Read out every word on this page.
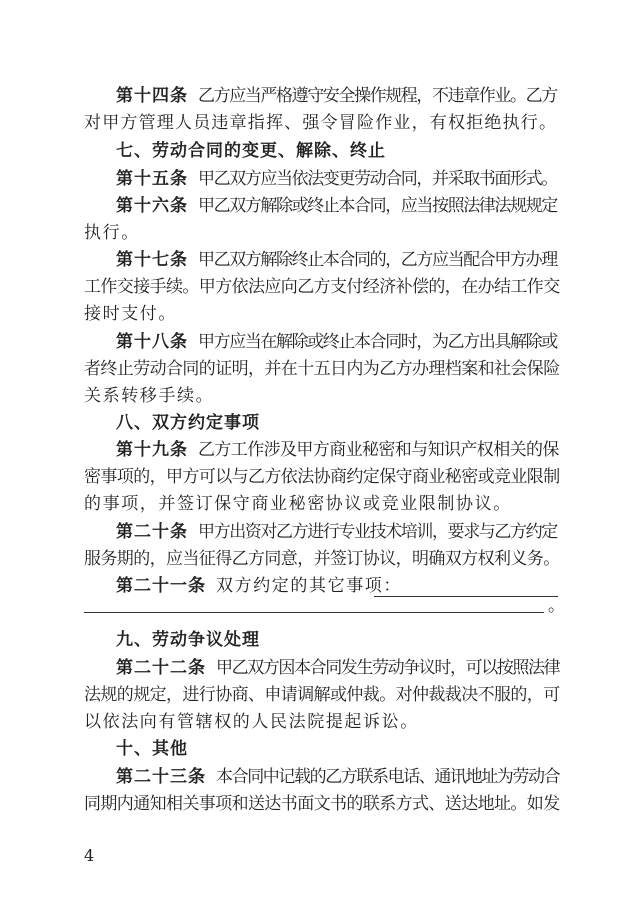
第十四条 乙方应当严格遵守安全操作规程，不违章作业。乙方
对甲方管理人员违章指挥、强令冒险作业，有权拒绝执行。
七、劳动合同的变更、解除、终止
第十五条 甲乙双方应当依法变更劳动合同，并采取书面形式。
第十六条 甲乙双方解除或终止本合同，应当按照法律法规规定
执行。
第十七条 甲乙双方解除终止本合同的，乙方应当配合甲方办理
工作交接手续。甲方依法应向乙方支付经济补偿的，在办结工作交
接时支付。
第十八条 甲方应当在解除或终止本合同时，为乙方出具解除或
者终止劳动合同的证明，并在十五日内为乙方办理档案和社会保险
关系转移手续。
八、双方约定事项
第十九条 乙方工作涉及甲方商业秘密和与知识产权相关的保
密事项的，甲方可以与乙方依法协商约定保守商业秘密或竞业限制
的事项，并签订保守商业秘密协议或竞业限制协议。
第二十条 甲方出资对乙方进行专业技术培训，要求与乙方约定
服务期的，应当征得乙方同意，并签订协议，明确双方权利义务。
第二十一条 双方约定的其它事项：
。
九、劳动争议处理
第二十二条 甲乙双方因本合同发生劳动争议时，可以按照法律
法规的规定，进行协商、申请调解或仲裁。对仲裁裁决不服的，可
以依法向有管辖权的人民法院提起诉讼。
十、其他
第二十三条 本合同中记载的乙方联系电话、通讯地址为劳动合
同期内通知相关事项和送达书面文书的联系方式、送达地址。如发
4
